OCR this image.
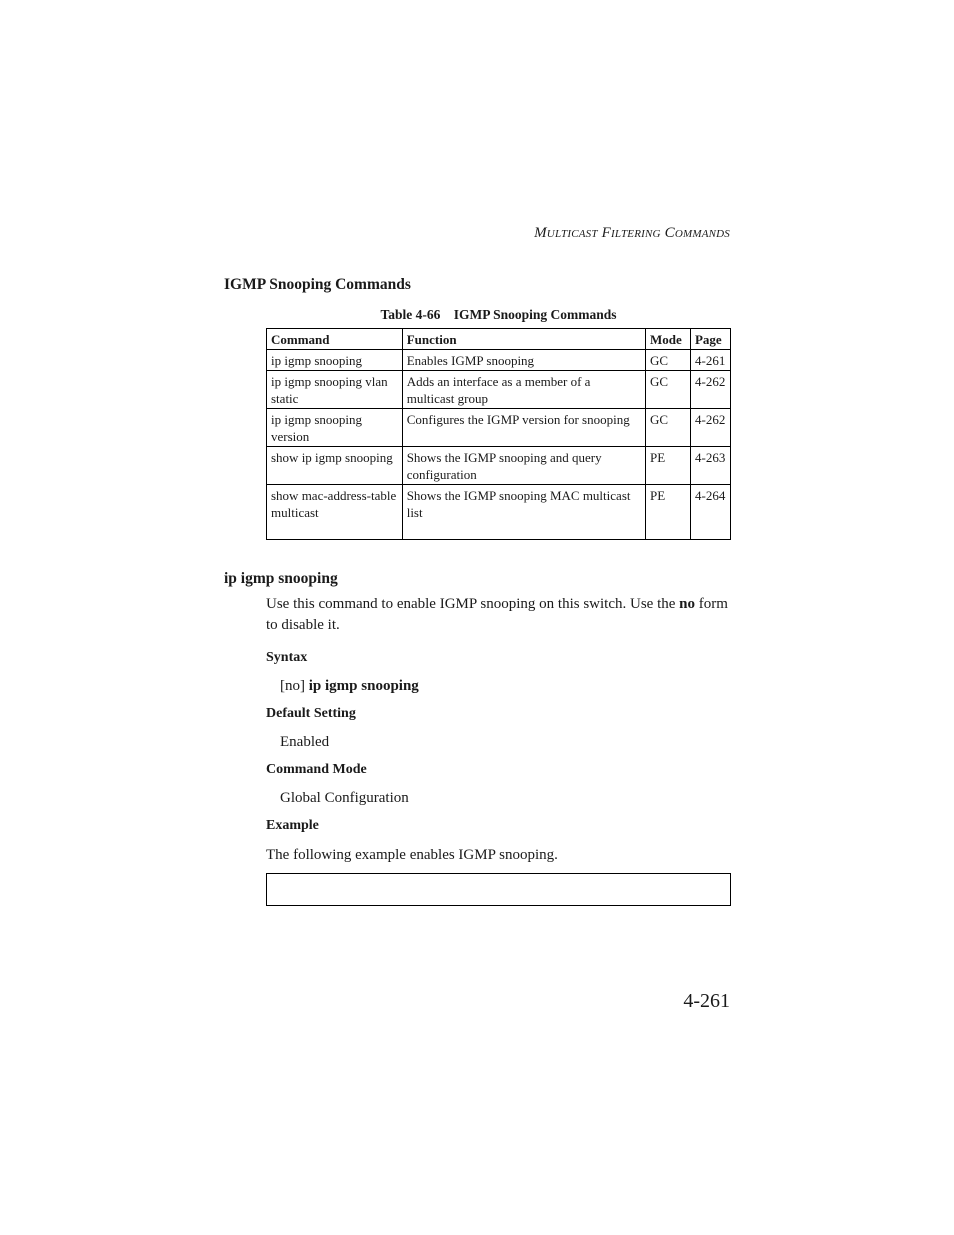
Multicast Filtering Commands
IGMP Snooping Commands
Table 4-66 IGMP Snooping Commands
Command	Function	Mode	Page
ip igmp snooping	Enables IGMP snooping	GC	4-261
ip igmp snooping vlan static	Adds an interface as a member of a multicast group	GC	4-262
ip igmp snooping version	Configures the IGMP version for snooping	GC	4-262
show ip igmp snooping	Shows the IGMP snooping and query configuration	PE	4-263
show mac-address-table multicast	Shows the IGMP snooping MAC multicast list	PE	4-264
ip igmp snooping
Use this command to enable IGMP snooping on this switch. Use the no form to disable it.
Syntax
[no] ip igmp snooping
Default Setting
Enabled
Command Mode
Global Configuration
Example
The following example enables IGMP snooping.
4-261
